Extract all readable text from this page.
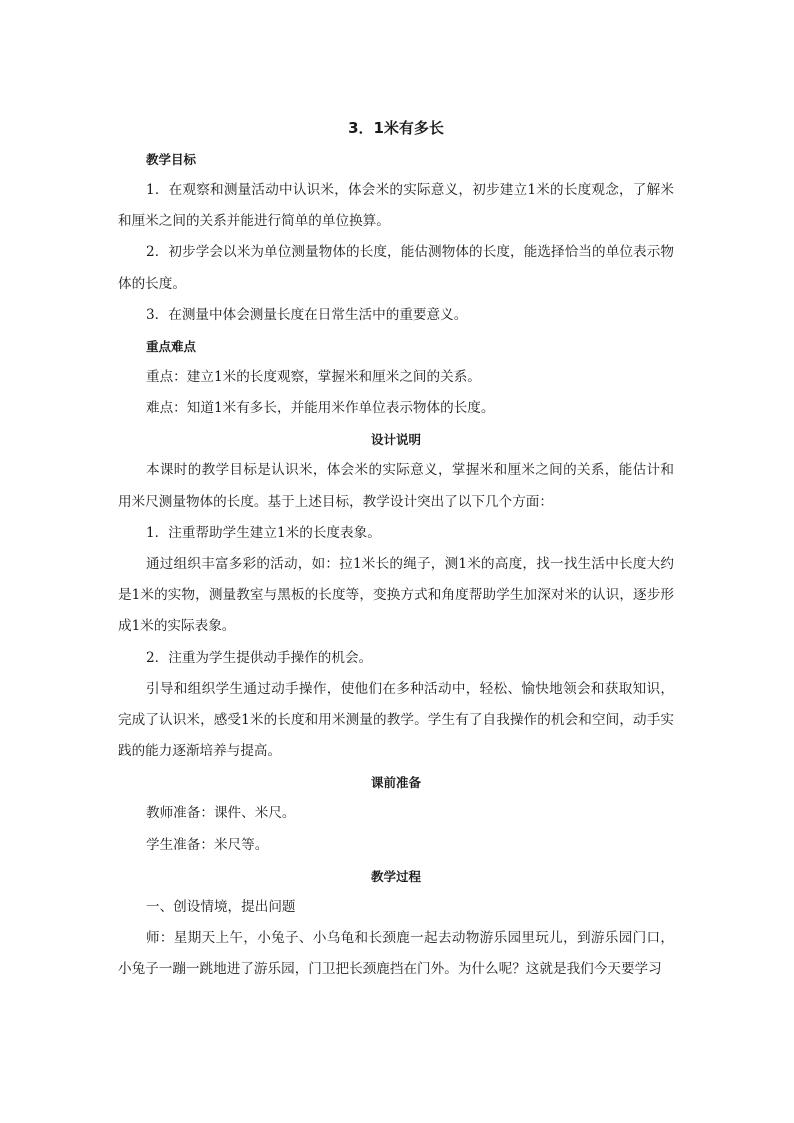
3．1米有多长
教学目标

1．在观察和测量活动中认识米，体会米的实际意义，初步建立1米的长度观念，了解米和厘米之间的关系并能进行简单的单位换算。

2．初步学会以米为单位测量物体的长度，能估测物体的长度，能选择恰当的单位表示物体的长度。

3．在测量中体会测量长度在日常生活中的重要意义。

重点难点

重点：建立1米的长度观察，掌握米和厘米之间的关系。

难点：知道1米有多长，并能用米作单位表示物体的长度。

设计说明

本课时的教学目标是认识米，体会米的实际意义，掌握米和厘米之间的关系，能估计和用米尺测量物体的长度。基于上述目标，教学设计突出了以下几个方面：

1．注重帮助学生建立1米的长度表象。

通过组织丰富多彩的活动，如：拉1米长的绳子，测1米的高度，找一找生活中长度大约是1米的实物，测量教室与黑板的长度等，变换方式和角度帮助学生加深对米的认识，逐步形成1米的实际表象。

2．注重为学生提供动手操作的机会。

引导和组织学生通过动手操作，使他们在多种活动中，轻松、愉快地领会和获取知识，完成了认识米，感受1米的长度和用米测量的教学。学生有了自我操作的机会和空间，动手实践的能力逐渐培养与提高。

课前准备

教师准备：课件、米尺。

学生准备：米尺等。

教学过程

一、创设情境，提出问题

师：星期天上午，小兔子、小乌龟和长颈鹿一起去动物游乐园里玩儿，到游乐园门口，小兔子一蹦一跳地进了游乐园，门卫把长颈鹿挡在门外。为什么呢？这就是我们今天要学习
